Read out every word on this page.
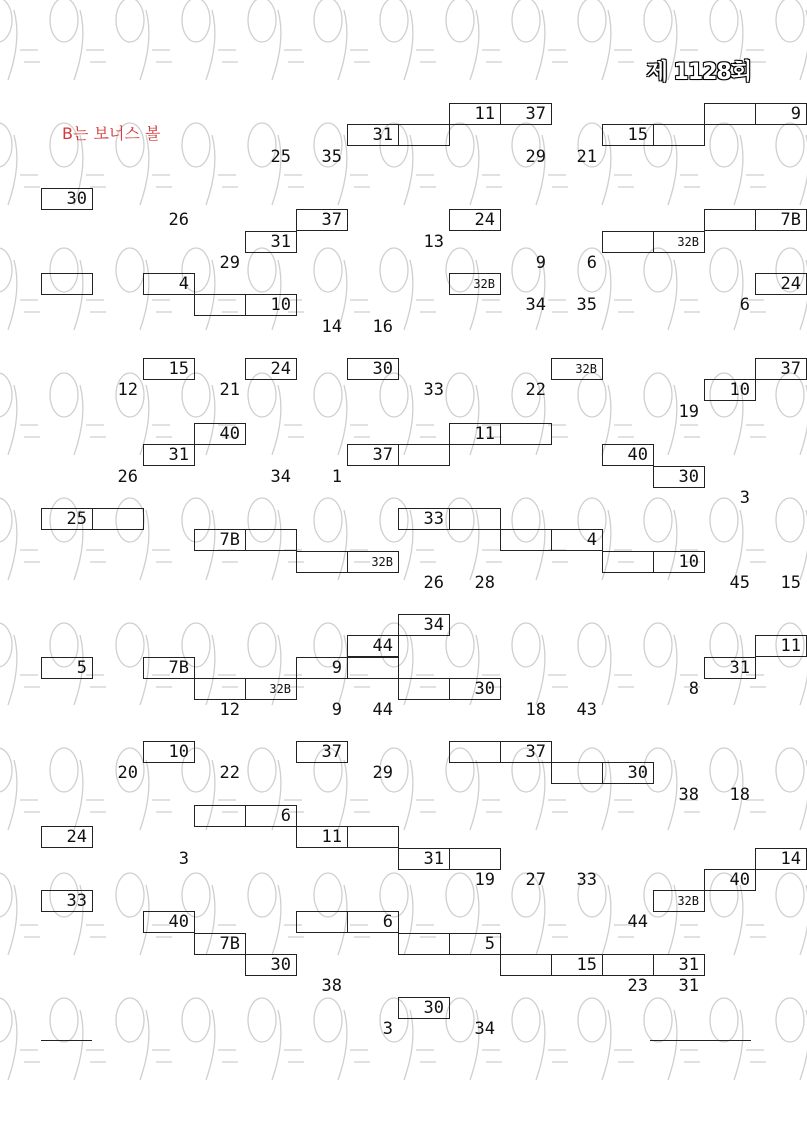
제 1128회
B는 보너스 볼
11	37
31
9
15
25	35	29	21
30
37
31
24	7B
32B
26
29
13
9	6
4
10
32B	24
14	16
34	35	6
15	24	30	32B	37
10
12	21	33	22
19
40
31
11
37	40
30
26	34	1
3
25
7B
32B
33
4
10
26	28	45	15
34
44
5	7B	9
32B	30
11
31
12	9	44	18	43
8
10	37	37
30
20	22	29
38	18
6
24	11
31	14
40
32B
3
19	27	33
33
40
7B
30
6
5
15	31
30
44
38	23	31
3	34
